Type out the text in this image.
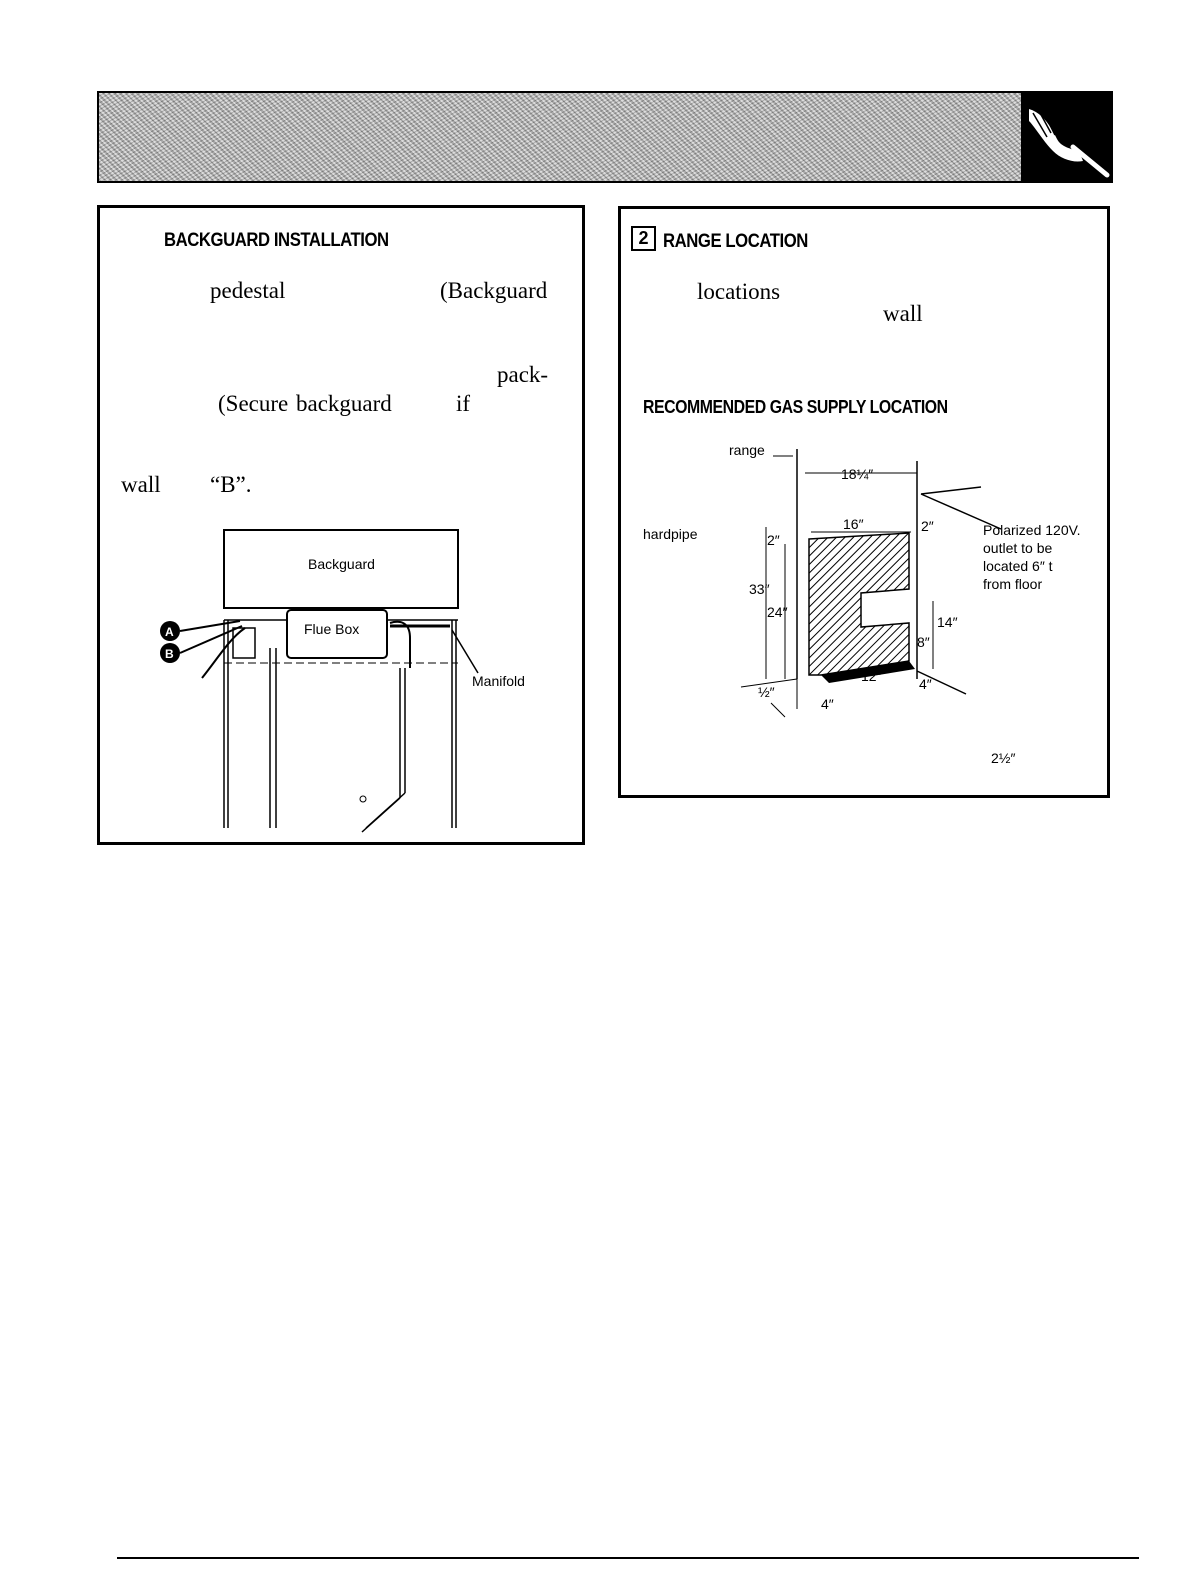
BACKGUARD INSTALLATION
pedestal	(Backguard
pack-
(Secure backguard	if
wall “B”.
Backguard
Flue Box
A
B
Manifold
2 RANGE LOCATION
locations
wall
RECOMMENDED GAS SUPPLY LOCATION
range
18¼″
hardpipe
16″	2″
2″
Polarized 120V.
outlet to be
located 6″ t
from floor
33″
24″
14″
8″
12″	4″
4″
½″
2½″
